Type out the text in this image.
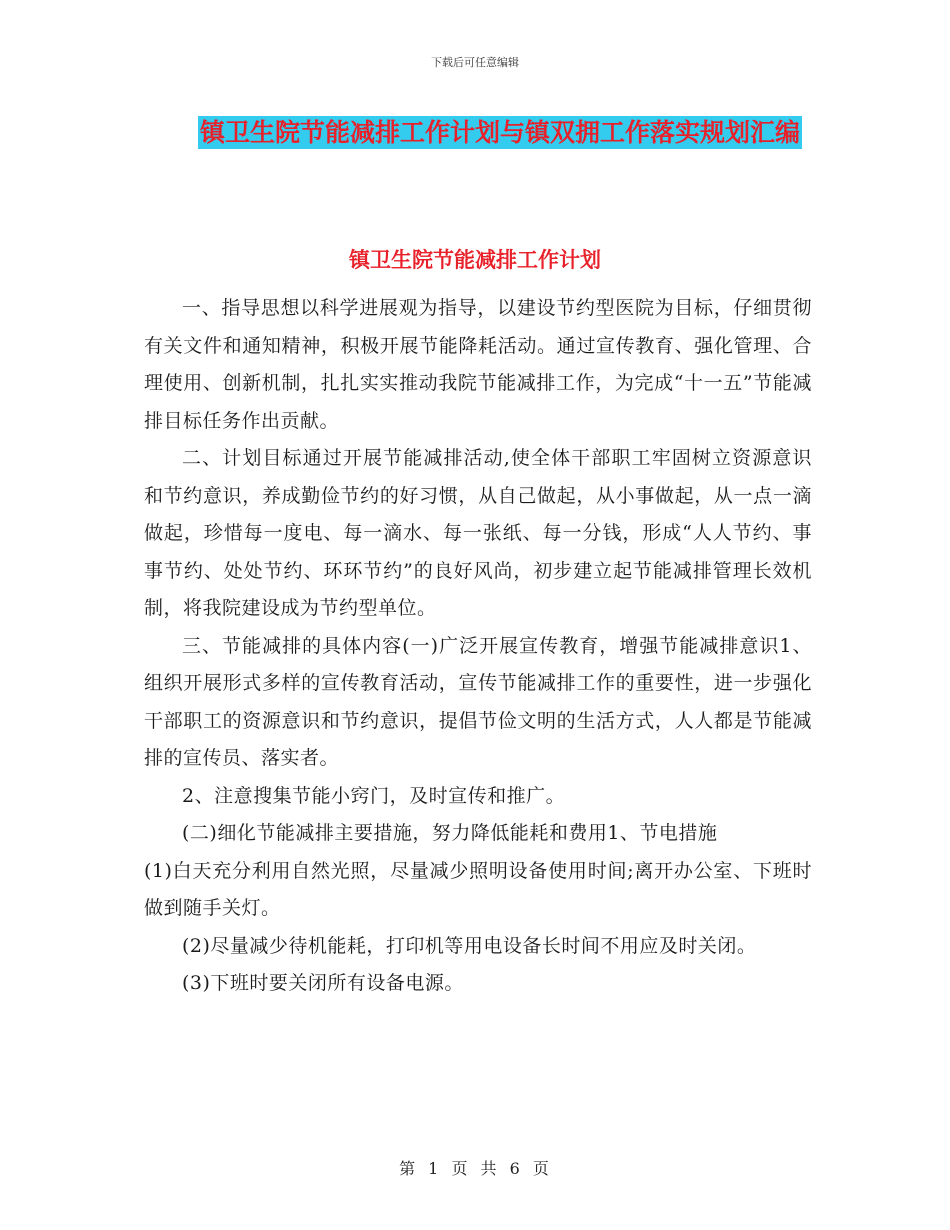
下载后可任意编辑
镇卫生院节能减排工作计划与镇双拥工作落实规划汇编
镇卫生院节能减排工作计划

一、指导思想以科学进展观为指导，以建设节约型医院为目标，仔细贯彻有关文件和通知精神，积极开展节能降耗活动。通过宣传教育、强化管理、合理使用、创新机制，扎扎实实推动我院节能减排工作，为完成“十一五”节能减排目标任务作出贡献。

二、计划目标通过开展节能减排活动,使全体干部职工牢固树立资源意识和节约意识，养成勤俭节约的好习惯，从自己做起，从小事做起，从一点一滴做起，珍惜每一度电、每一滴水、每一张纸、每一分钱，形成“人人节约、事事节约、处处节约、环环节约”的良好风尚，初步建立起节能减排管理长效机制，将我院建设成为节约型单位。

三、节能减排的具体内容(一)广泛开展宣传教育，增强节能减排意识1、组织开展形式多样的宣传教育活动，宣传节能减排工作的重要性，进一步强化干部职工的资源意识和节约意识，提倡节俭文明的生活方式，人人都是节能减排的宣传员、落实者。

2、注意搜集节能小窍门，及时宣传和推广。

(二)细化节能减排主要措施，努力降低能耗和费用1、节电措施

(1)白天充分利用自然光照，尽量减少照明设备使用时间;离开办公室、下班时做到随手关灯。

(2)尽量减少待机能耗，打印机等用电设备长时间不用应及时关闭。

(3)下班时要关闭所有设备电源。

第 1 页 共 6 页
